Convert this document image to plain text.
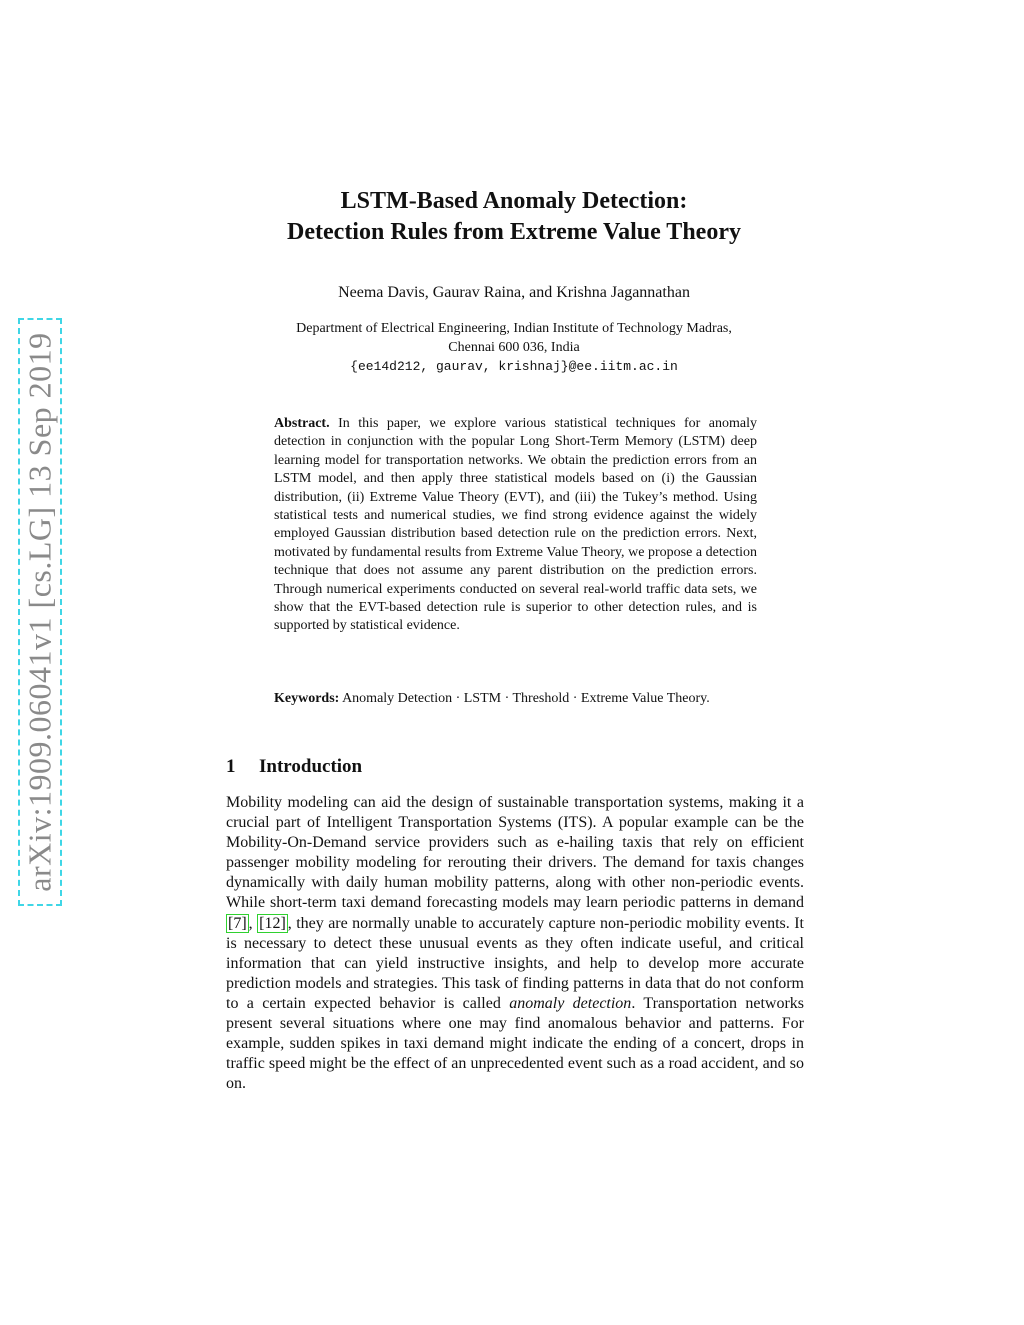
arXiv:1909.06041v1 [cs.LG] 13 Sep 2019
LSTM-Based Anomaly Detection:
Detection Rules from Extreme Value Theory
Neema Davis, Gaurav Raina, and Krishna Jagannathan
Department of Electrical Engineering, Indian Institute of Technology Madras,
Chennai 600 036, India
{ee14d212, gaurav, krishnaj}@ee.iitm.ac.in
Abstract. In this paper, we explore various statistical techniques for anomaly detection in conjunction with the popular Long Short-Term Memory (LSTM) deep learning model for transportation networks. We obtain the prediction errors from an LSTM model, and then apply three statistical models based on (i) the Gaussian distribution, (ii) Extreme Value Theory (EVT), and (iii) the Tukey’s method. Using statistical tests and numerical studies, we find strong evidence against the widely employed Gaussian distribution based detection rule on the prediction errors. Next, motivated by fundamental results from Extreme Value Theory, we propose a detection technique that does not assume any parent distribution on the prediction errors. Through numerical experiments conducted on several real-world traffic data sets, we show that the EVT-based detection rule is superior to other detection rules, and is supported by statistical evidence.
Keywords: Anomaly Detection · LSTM · Threshold · Extreme Value Theory.
1 Introduction
Mobility modeling can aid the design of sustainable transportation systems, making it a crucial part of Intelligent Transportation Systems (ITS). A popular example can be the Mobility-On-Demand service providers such as e-hailing taxis that rely on efficient passenger mobility modeling for rerouting their drivers. The demand for taxis changes dynamically with daily human mobility patterns, along with other non-periodic events. While short-term taxi demand forecasting models may learn periodic patterns in demand [7] , [12] , they are normally unable to accurately capture non-periodic mobility events. It is necessary to detect these unusual events as they often indicate useful, and critical information that can yield instructive insights, and help to develop more accurate prediction models and strategies. This task of finding patterns in data that do not conform to a certain expected behavior is called anomaly detection. Transportation networks present several situations where one may find anomalous behavior and patterns. For example, sudden spikes in taxi demand might indicate the ending of a concert, drops in traffic speed might be the effect of an unprecedented event such as a road accident, and so on.
